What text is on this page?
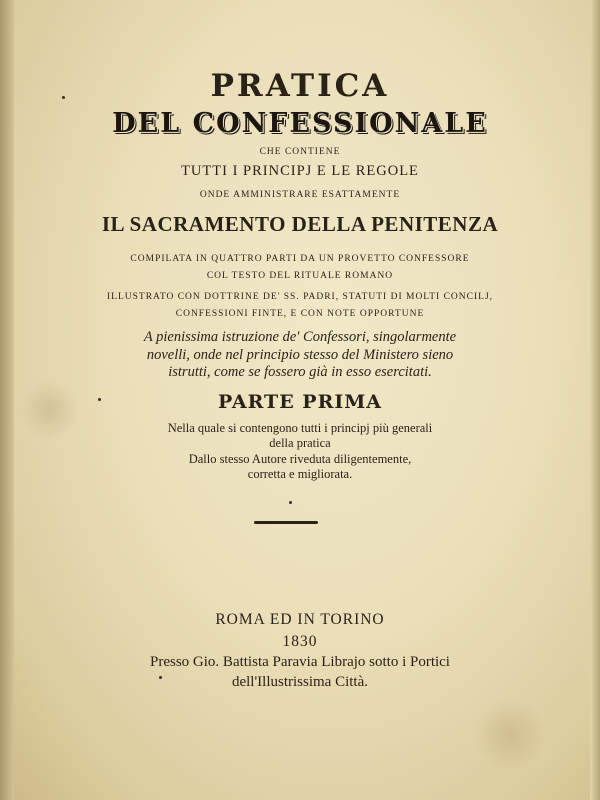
PRATICA
DEL CONFESSIONALE
CHE CONTIENE
TUTTI I PRINCIPJ E LE REGOLE
ONDE AMMINISTRARE ESATTAMENTE
IL SACRAMENTO DELLA PENITENZA
COMPILATA IN QUATTRO PARTI DA UN PROVETTO CONFESSORE
COL TESTO DEL RITUALE ROMANO
ILLUSTRATO CON DOTTRINE DE' SS. PADRI, STATUTI DI MOLTI CONCILJ,
CONFESSIONI FINTE, E CON NOTE OPPORTUNE
A pienissima istruzione de' Confessori, singolarmente
novelli, onde nel principio stesso del Ministero sieno
istrutti, come se fossero già in esso esercitati.
PARTE PRIMA
Nella quale si contengono tutti i principj più generali
della pratica
Dallo stesso Autore riveduta diligentemente,
corretta e migliorata.
ROMA ED IN TORINO
1830
Presso Gio. Battista Paravia Librajo sotto i Portici
dell'Illustrissima Città.
